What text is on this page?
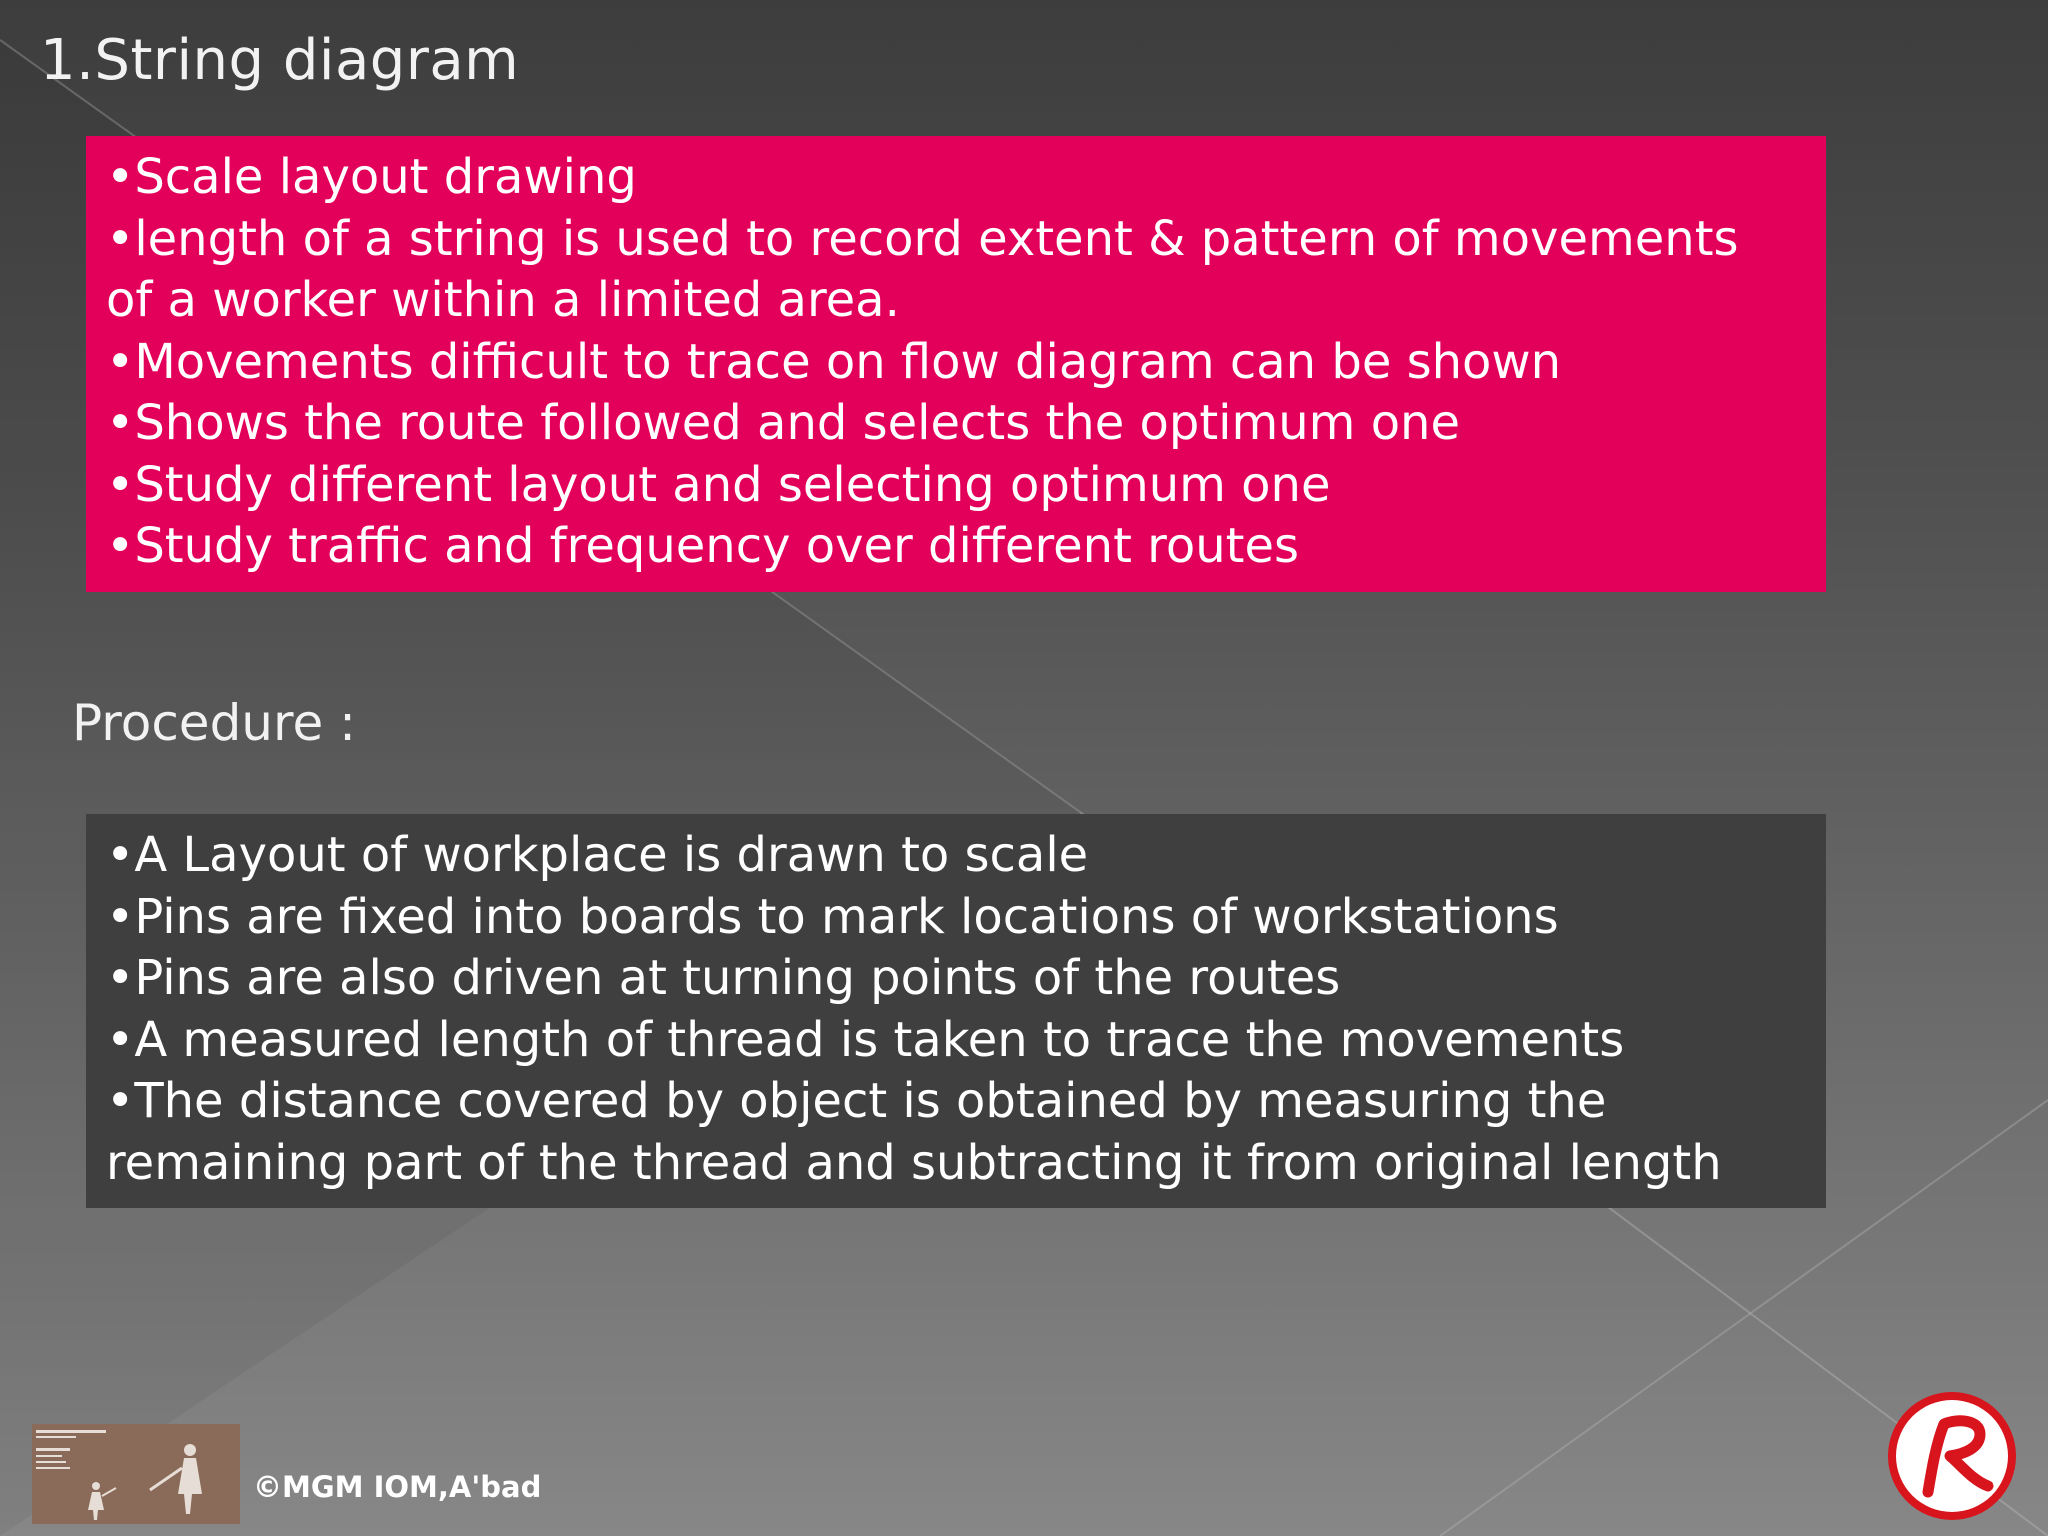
1.String diagram
•Scale layout drawing
•length of a string is used to record extent & pattern of movements
of a worker within a limited area.
•Movements difficult to trace on flow diagram can be shown
•Shows the route followed and selects the optimum one
•Study different layout and selecting optimum one
•Study traffic and frequency over different routes
Procedure :
•A Layout of workplace is drawn to scale
•Pins are fixed into boards to mark locations of workstations
•Pins are also driven at turning points of the routes
•A measured length of thread is taken to trace the movements
•The distance covered by object is obtained by measuring the
remaining part of the thread and subtracting it from original length
©MGM IOM,A'bad
